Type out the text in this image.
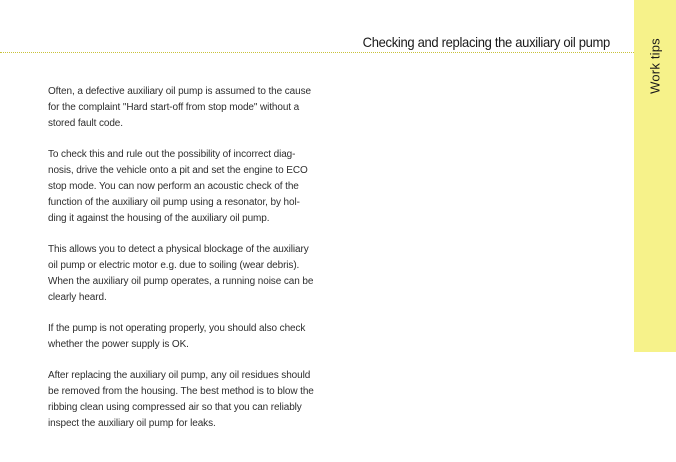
Checking and replacing the auxiliary oil pump	Work tips

Often, a defective auxiliary oil pump is assumed to the cause
for the complaint "Hard start-off from stop mode" without a
stored fault code.

To check this and rule out the possibility of incorrect diag-
nosis, drive the vehicle onto a pit and set the engine to ECO
stop mode. You can now perform an acoustic check of the
function of the auxiliary oil pump using a resonator, by hol-
ding it against the housing of the auxiliary oil pump.

This allows you to detect a physical blockage of the auxiliary
oil pump or electric motor e.g. due to soiling (wear debris).
When the auxiliary oil pump operates, a running noise can be
clearly heard.

If the pump is not operating properly, you should also check
whether the power supply is OK.

After replacing the auxiliary oil pump, any oil residues should
be removed from the housing. The best method is to blow the
ribbing clean using compressed air so that you can reliably
inspect the auxiliary oil pump for leaks.
